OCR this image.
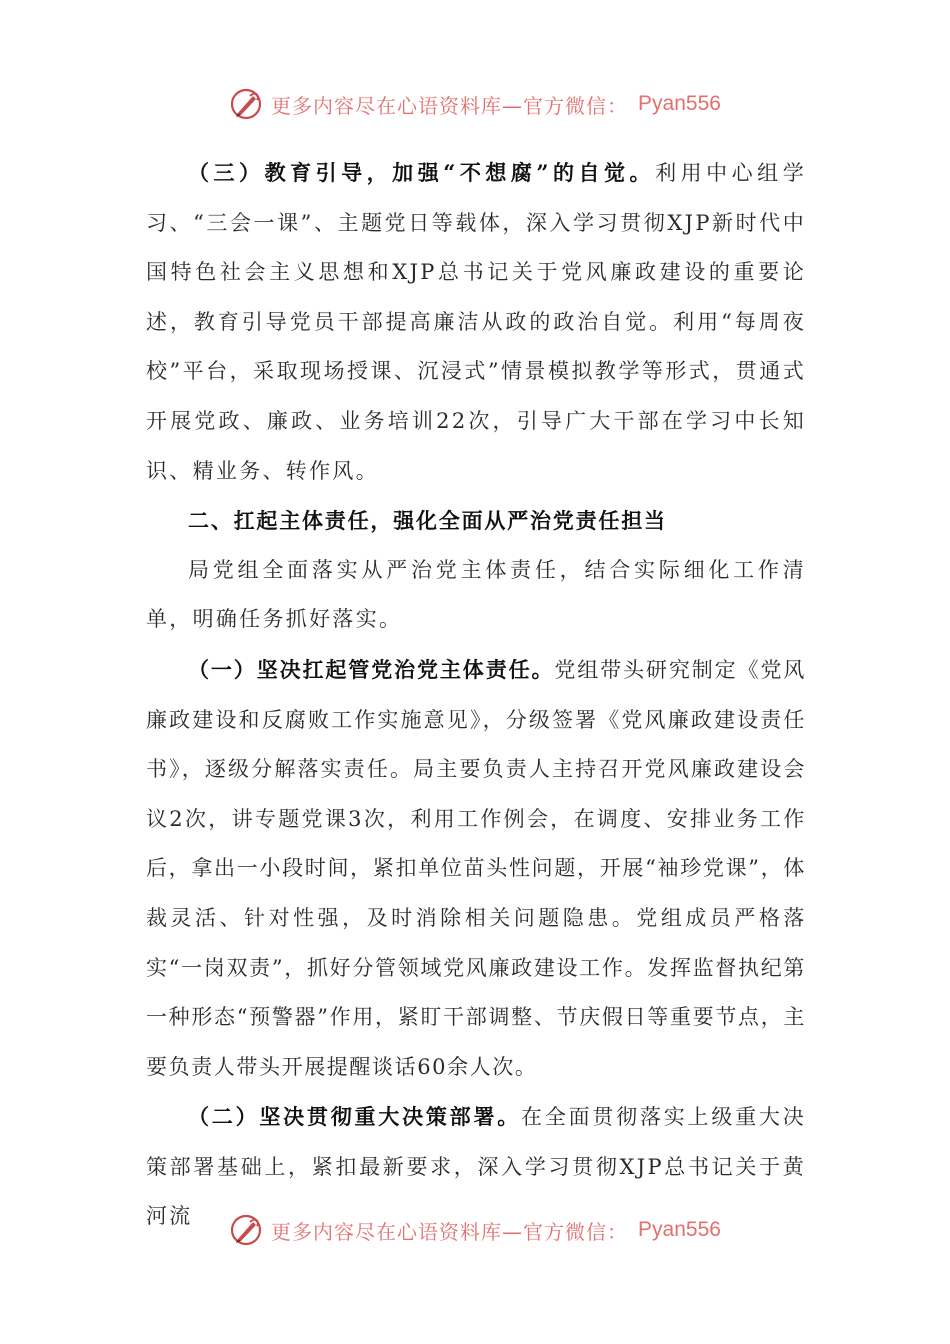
更多内容尽在心语资料库—官方微信： Pyan556

（三）教育引导，加强“不想腐”的自觉。利用中心组学习、“三会一课”、主题党日等载体，深入学习贯彻XJP新时代中国特色社会主义思想和XJP总书记关于党风廉政建设的重要论述，教育引导党员干部提高廉洁从政的政治自觉。利用“每周夜校”平台，采取现场授课、沉浸式”情景模拟教学等形式，贯通式开展党政、廉政、业务培训22次，引导广大干部在学习中长知识、精业务、转作风。

二、扛起主体责任，强化全面从严治党责任担当

局党组全面落实从严治党主体责任，结合实际细化工作清单，明确任务抓好落实。

（一）坚决扛起管党治党主体责任。党组带头研究制定《党风廉政建设和反腐败工作实施意见》，分级签署《党风廉政建设责任书》，逐级分解落实责任。局主要负责人主持召开党风廉政建设会议2次，讲专题党课3次，利用工作例会，在调度、安排业务工作后，拿出一小段时间，紧扣单位苗头性问题，开展“袖珍党课”，体裁灵活、针对性强，及时消除相关问题隐患。党组成员严格落实“一岗双责”，抓好分管领域党风廉政建设工作。发挥监督执纪第一种形态“预警器”作用，紧盯干部调整、节庆假日等重要节点，主要负责人带头开展提醒谈话60余人次。

（二）坚决贯彻重大决策部署。在全面贯彻落实上级重大决策部署基础上，紧扣最新要求，深入学习贯彻XJP总书记关于黄河流

更多内容尽在心语资料库—官方微信： Pyan556
